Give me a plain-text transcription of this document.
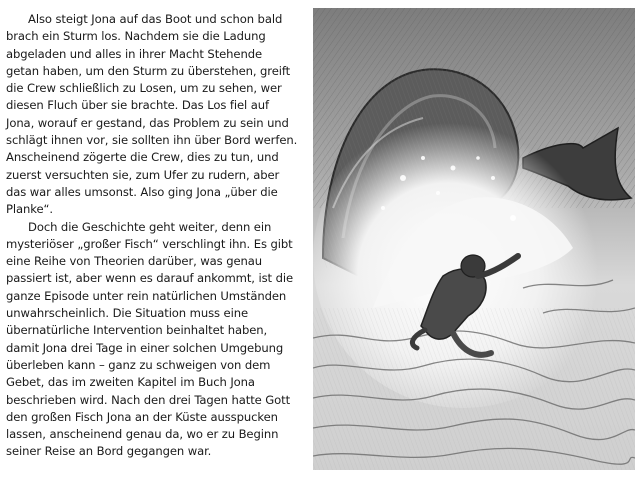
Also steigt Jona auf das Boot und schon bald brach ein Sturm los. Nachdem sie die Ladung abgeladen und alles in ihrer Macht Stehende getan haben, um den Sturm zu überstehen, greift die Crew schließlich zu Losen, um zu sehen, wer diesen Fluch über sie brachte. Das Los fiel auf Jona, worauf er gestand, das Problem zu sein und schlägt ihnen vor, sie sollten ihn über Bord werfen. Anscheinend zögerte die Crew, dies zu tun, und zuerst versuchten sie, zum Ufer zu rudern, aber das war alles umsonst. Also ging Jona „über die Planke“.

Doch die Geschichte geht weiter, denn ein mysteriöser „großer Fisch“ verschlingt ihn. Es gibt eine Reihe von Theorien darüber, was genau passiert ist, aber wenn es darauf ankommt, ist die ganze Episode unter rein natürlichen Umständen unwahrscheinlich. Die Situation muss eine übernatürliche Intervention beinhaltet haben, damit Jona drei Tage in einer solchen Umgebung überleben kann – ganz zu schweigen von dem Gebet, das im zweiten Kapitel im Buch Jona beschrieben wird. Nach den drei Tagen hatte Gott den großen Fisch Jona an der Küste ausspucken lassen, anscheinend genau da, wo er zu Beginn seiner Reise an Bord gegangen war.
